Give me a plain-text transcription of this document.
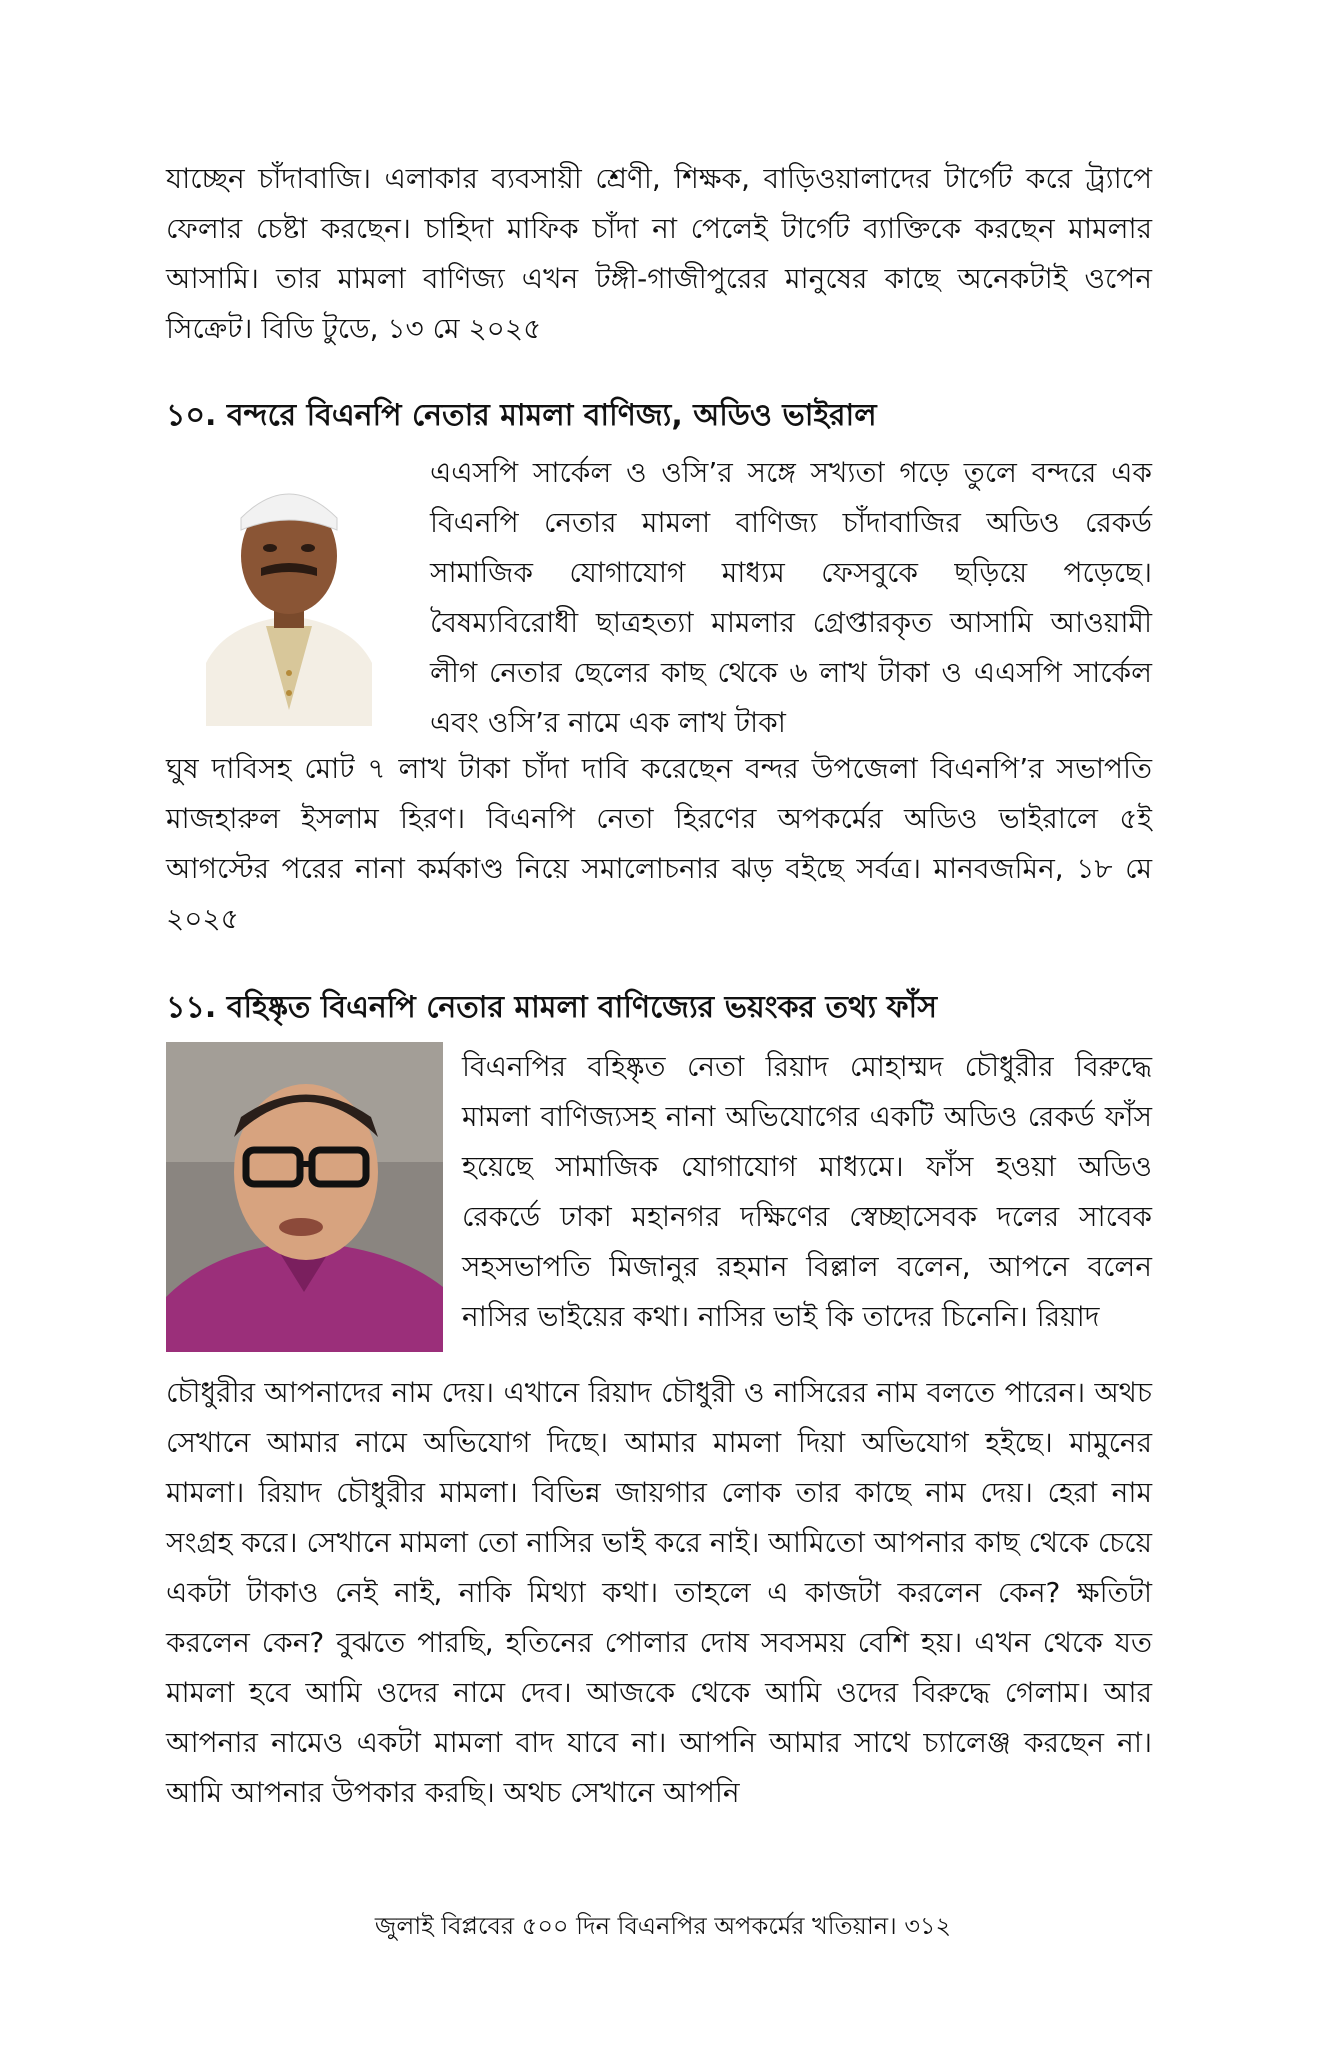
যাচ্ছেন চাঁদাবাজি। এলাকার ব্যবসায়ী শ্রেণী, শিক্ষক, বাড়িওয়ালাদের টার্গেট করে ট্র্যাপে ফেলার চেষ্টা করছেন। চাহিদা মাফিক চাঁদা না পেলেই টার্গেট ব্যাক্তিকে করছেন মামলার আসামি। তার মামলা বাণিজ্য এখন টঙ্গী-গাজীপুরের মানুষের কাছে অনেকটাই ওপেন সিক্রেট। বিডি টুডে, ১৩ মে ২০২৫

১০. বন্দরে বিএনপি নেতার মামলা বাণিজ্য, অডিও ভাইরাল

এএসপি সার্কেল ও ওসি’র সঙ্গে সখ্যতা গড়ে তুলে বন্দরে এক বিএনপি নেতার মামলা বাণিজ্য চাঁদাবাজির অডিও রেকর্ড সামাজিক যোগাযোগ মাধ্যম ফেসবুকে ছড়িয়ে পড়েছে। বৈষম্যবিরোধী ছাত্রহত্যা মামলার গ্রেপ্তারকৃত আসামি আওয়ামী লীগ নেতার ছেলের কাছ থেকে ৬ লাখ টাকা ও এএসপি সার্কেল এবং ওসি’র নামে এক লাখ টাকা

ঘুষ দাবিসহ মোট ৭ লাখ টাকা চাঁদা দাবি করেছেন বন্দর উপজেলা বিএনপি’র সভাপতি মাজহারুল ইসলাম হিরণ। বিএনপি নেতা হিরণের অপকর্মের অডিও ভাইরালে ৫ই আগস্টের পরের নানা কর্মকাণ্ড নিয়ে সমালোচনার ঝড় বইছে সর্বত্র। মানবজমিন, ১৮ মে ২০২৫

১১. বহিষ্কৃত বিএনপি নেতার মামলা বাণিজ্যের ভয়ংকর তথ্য ফাঁস

বিএনপির বহিষ্কৃত নেতা রিয়াদ মোহাম্মদ চৌধুরীর বিরুদ্ধে মামলা বাণিজ্যসহ নানা অভিযোগের একটি অডিও রেকর্ড ফাঁস হয়েছে সামাজিক যোগাযোগ মাধ্যমে। ফাঁস হওয়া অডিও রেকর্ডে ঢাকা মহানগর দক্ষিণের স্বেচ্ছাসেবক দলের সাবেক সহসভাপতি মিজানুর রহমান বিল্লাল বলেন, আপনে বলেন নাসির ভাইয়ের কথা। নাসির ভাই কি তাদের চিনেনি। রিয়াদ

চৌধুরীর আপনাদের নাম দেয়। এখানে রিয়াদ চৌধুরী ও নাসিরের নাম বলতে পারেন। অথচ সেখানে আমার নামে অভিযোগ দিছে। আমার মামলা দিয়া অভিযোগ হইছে। মামুনের মামলা। রিয়াদ চৌধুরীর মামলা। বিভিন্ন জায়গার লোক তার কাছে নাম দেয়। হেরা নাম সংগ্রহ করে। সেখানে মামলা তো নাসির ভাই করে নাই। আমিতো আপনার কাছ থেকে চেয়ে একটা টাকাও নেই নাই, নাকি মিথ্যা কথা। তাহলে এ কাজটা করলেন কেন? ক্ষতিটা করলেন কেন? বুঝতে পারছি, হতিনের পোলার দোষ সবসময় বেশি হয়। এখন থেকে যত মামলা হবে আমি ওদের নামে দেব। আজকে থেকে আমি ওদের বিরুদ্ধে গেলাম। আর আপনার নামেও একটা মামলা বাদ যাবে না। আপনি আমার সাথে চ্যালেঞ্জ করছেন না। আমি আপনার উপকার করছি। অথচ সেখানে আপনি

জুলাই বিপ্লবের ৫০০ দিন বিএনপির অপকর্মের খতিয়ান। ৩১২
